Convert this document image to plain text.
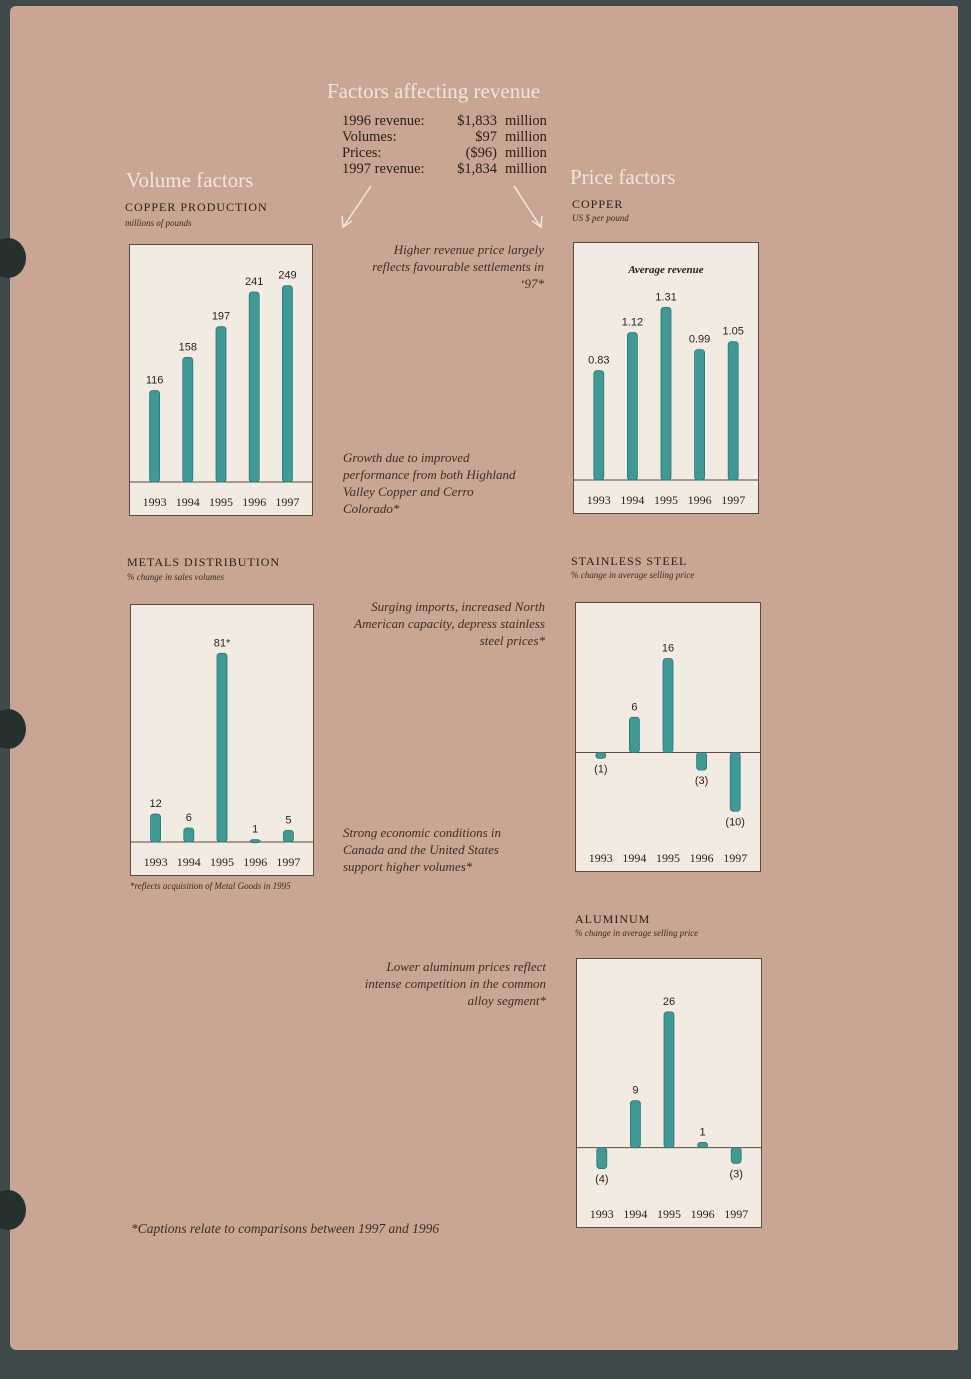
Factors affecting revenue
1996 revenue:	$1,833	million
Volumes:	$97	million
Prices:	($96)	million
1997 revenue:	$1,834	million
Volume factors	Price factors
COPPER PRODUCTION
millions of pounds
116
1993
158
1994
197
1995
241
1996
249
1997
COPPER
US $ per pound
Average revenue
0.83
1993
1.12
1994
1.31
1995
0.99
1996
1.05
1997
METALS DISTRIBUTION
% change in sales volumes
12
1993
6
1994
81*
1995
1
1996
5
1997
*reflects acquisition of Metal Goods in 1995
STAINLESS STEEL
% change in average selling price
(1)
1993
6
1994
16
1995
(3)
1996
(10)
1997
ALUMINUM
% change in average selling price
(4)
1993
9
1994
26
1995
1
1996
(3)
1997
Higher revenue price largely reflects favourable settlements in ‘97*
Growth due to improved performance from both Highland Valley Copper and Cerro Colorado*
Surging imports, increased North American capacity, depress stainless steel prices*
Strong economic conditions in Canada and the United States support higher volumes*
Lower aluminum prices reflect intense competition in the common alloy segment*
*Captions relate to comparisons between 1997 and 1996
